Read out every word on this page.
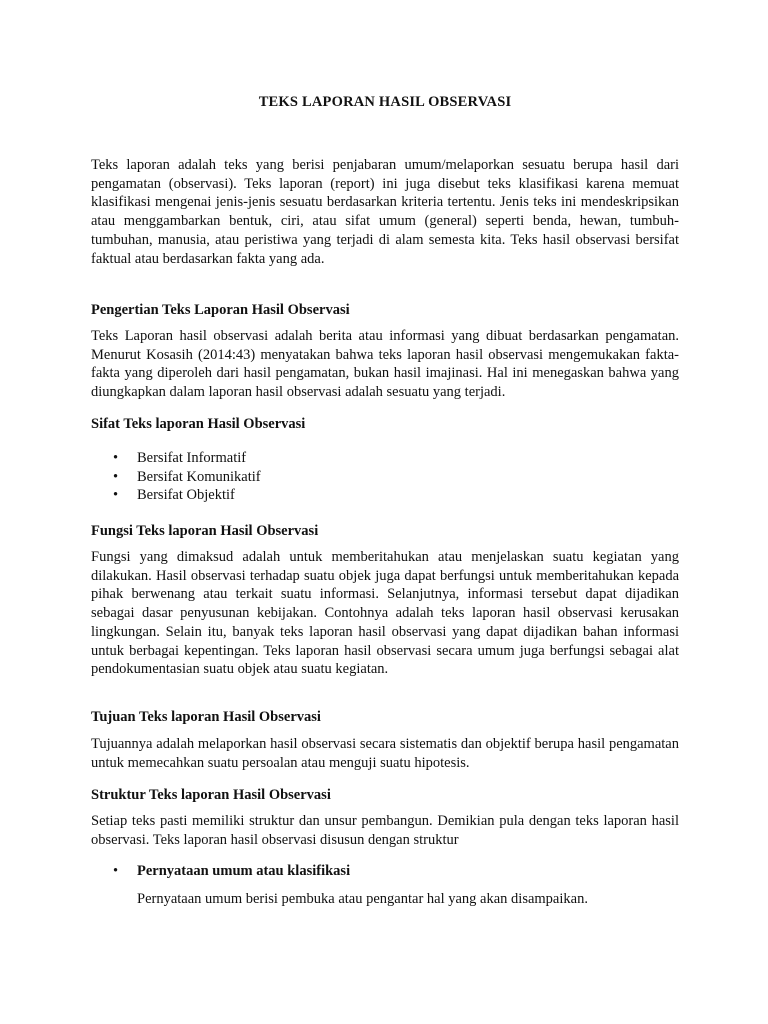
TEKS LAPORAN HASIL OBSERVASI

Teks laporan adalah teks yang berisi penjabaran umum/melaporkan sesuatu berupa hasil dari pengamatan (observasi). Teks laporan (report) ini juga disebut teks klasifikasi karena memuat klasifikasi mengenai jenis-jenis sesuatu berdasarkan kriteria tertentu. Jenis teks ini mendeskripsikan atau menggambarkan bentuk, ciri, atau sifat umum (general) seperti benda, hewan, tumbuh-tumbuhan, manusia, atau peristiwa yang terjadi di alam semesta kita. Teks hasil observasi bersifat faktual atau berdasarkan fakta yang ada.

Pengertian Teks Laporan Hasil Observasi

Teks Laporan hasil observasi adalah berita atau informasi yang dibuat berdasarkan pengamatan. Menurut Kosasih (2014:43) menyatakan bahwa teks laporan hasil observasi mengemukakan fakta-fakta yang diperoleh dari hasil pengamatan, bukan hasil imajinasi. Hal ini menegaskan bahwa yang diungkapkan dalam laporan hasil observasi adalah sesuatu yang terjadi.

Sifat Teks laporan Hasil Observasi
• Bersifat Informatif
• Bersifat Komunikatif
• Bersifat Objektif
Fungsi Teks laporan Hasil Observasi

Fungsi yang dimaksud adalah untuk memberitahukan atau menjelaskan suatu kegiatan yang dilakukan. Hasil observasi terhadap suatu objek juga dapat berfungsi untuk memberitahukan kepada pihak berwenang atau terkait suatu informasi. Selanjutnya, informasi tersebut dapat dijadikan sebagai dasar penyusunan kebijakan. Contohnya adalah teks laporan hasil observasi kerusakan lingkungan. Selain itu, banyak teks laporan hasil observasi yang dapat dijadikan bahan informasi untuk berbagai kepentingan. Teks laporan hasil observasi secara umum juga berfungsi sebagai alat pendokumentasian suatu objek atau suatu kegiatan.

Tujuan Teks laporan Hasil Observasi

Tujuannya adalah melaporkan hasil observasi secara sistematis dan objektif berupa hasil pengamatan untuk memecahkan suatu persoalan atau menguji suatu hipotesis.

Struktur Teks laporan Hasil Observasi

Setiap teks pasti memiliki struktur dan unsur pembangun. Demikian pula dengan teks laporan hasil observasi. Teks laporan hasil observasi disusun dengan struktur

• Pernyataan umum atau klasifikasi

Pernyataan umum berisi pembuka atau pengantar hal yang akan disampaikan.
